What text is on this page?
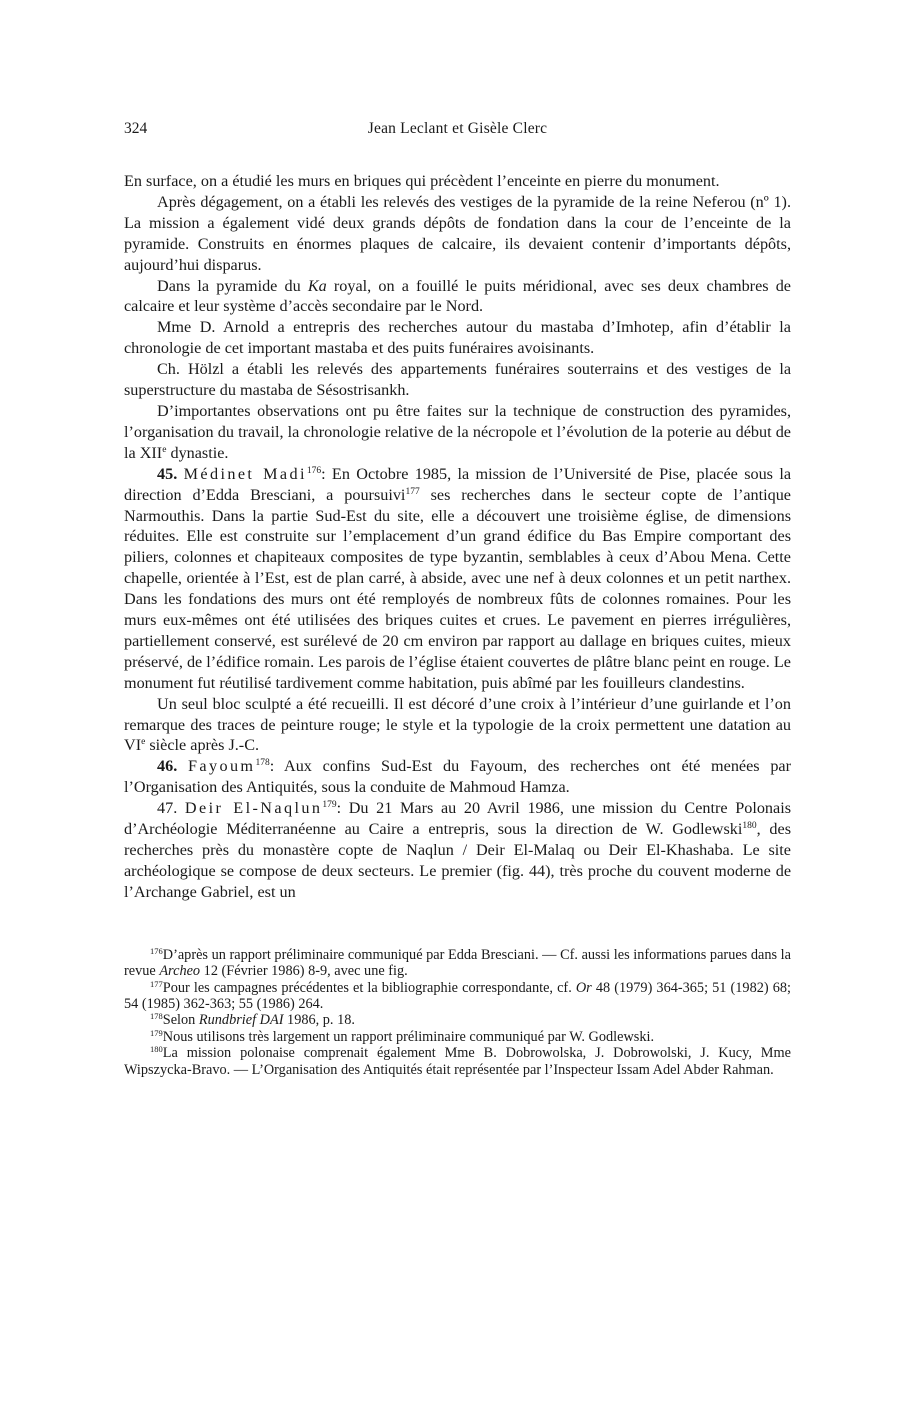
324	Jean Leclant et Gisèle Clerc

En surface, on a étudié les murs en briques qui précèdent l’enceinte en pierre du monument.

Après dégagement, on a établi les relevés des vestiges de la pyramide de la reine Neferou (nº 1). La mission a également vidé deux grands dépôts de fondation dans la cour de l’enceinte de la pyramide. Construits en énormes plaques de calcaire, ils devaient contenir d’importants dépôts, aujourd’hui disparus.

Dans la pyramide du Ka royal, on a fouillé le puits méridional, avec ses deux chambres de calcaire et leur système d’accès secondaire par le Nord.

Mme D. Arnold a entrepris des recherches autour du mastaba d’Imhotep, afin d’établir la chronologie de cet important mastaba et des puits funéraires avoisinants.

Ch. Hölzl a établi les relevés des appartements funéraires souterrains et des vestiges de la superstructure du mastaba de Sésostrisankh.

D’importantes observations ont pu être faites sur la technique de construction des pyramides, l’organisation du travail, la chronologie relative de la nécropole et l’évolution de la poterie au début de la XIIe dynastie.

45. Médinet Madi$^{176}$: En Octobre 1985, la mission de l’Université de Pise, placée sous la direction d’Edda Bresciani, a poursuivi$^{177}$ ses recherches dans le secteur copte de l’antique Narmouthis. Dans la partie Sud-Est du site, elle a découvert une troisième église, de dimensions réduites. Elle est construite sur l’emplacement d’un grand édifice du Bas Empire comportant des piliers, colonnes et chapiteaux composites de type byzantin, semblables à ceux d’Abou Mena. Cette chapelle, orientée à l’Est, est de plan carré, à abside, avec une nef à deux colonnes et un petit narthex. Dans les fondations des murs ont été remployés de nombreux fûts de colonnes romaines. Pour les murs eux-mêmes ont été utilisées des briques cuites et crues. Le pavement en pierres irrégulières, partiellement conservé, est surélevé de 20 cm environ par rapport au dallage en briques cuites, mieux préservé, de l’édifice romain. Les parois de l’église étaient couvertes de plâtre blanc peint en rouge. Le monument fut réutilisé tardivement comme habitation, puis abîmé par les fouilleurs clandestins.

Un seul bloc sculpté a été recueilli. Il est décoré d’une croix à l’intérieur d’une guirlande et l’on remarque des traces de peinture rouge; le style et la typologie de la croix permettent une datation au VIe siècle après J.-C.

46. Fayoum$^{178}$: Aux confins Sud-Est du Fayoum, des recherches ont été menées par l’Organisation des Antiquités, sous la conduite de Mahmoud Hamza.

47. Deir El-Naqlun$^{179}$: Du 21 Mars au 20 Avril 1986, une mission du Centre Polonais d’Archéologie Méditerranéenne au Caire a entrepris, sous la direction de W. Godlewski$^{180}$, des recherches près du monastère copte de Naqlun / Deir El-Malaq ou Deir El-Khashaba. Le site archéologique se compose de deux secteurs. Le premier (fig. 44), très proche du couvent moderne de l’Archange Gabriel, est un

$^{176}$D’après un rapport préliminaire communiqué par Edda Bresciani. — Cf. aussi les informations parues dans la revue Archeo 12 (Février 1986) 8-9, avec une fig.

$^{177}$Pour les campagnes précédentes et la bibliographie correspondante, cf. Or 48 (1979) 364-365; 51 (1982) 68; 54 (1985) 362-363; 55 (1986) 264.

$^{178}$Selon Rundbrief DAI 1986, p. 18.

$^{179}$Nous utilisons très largement un rapport préliminaire communiqué par W. Godlewski.

$^{180}$La mission polonaise comprenait également Mme B. Dobrowolska, J. Dobrowolski, J. Kucy, Mme Wipszycka-Bravo. — L’Organisation des Antiquités était représentée par l’Inspecteur Issam Adel Abder Rahman.
